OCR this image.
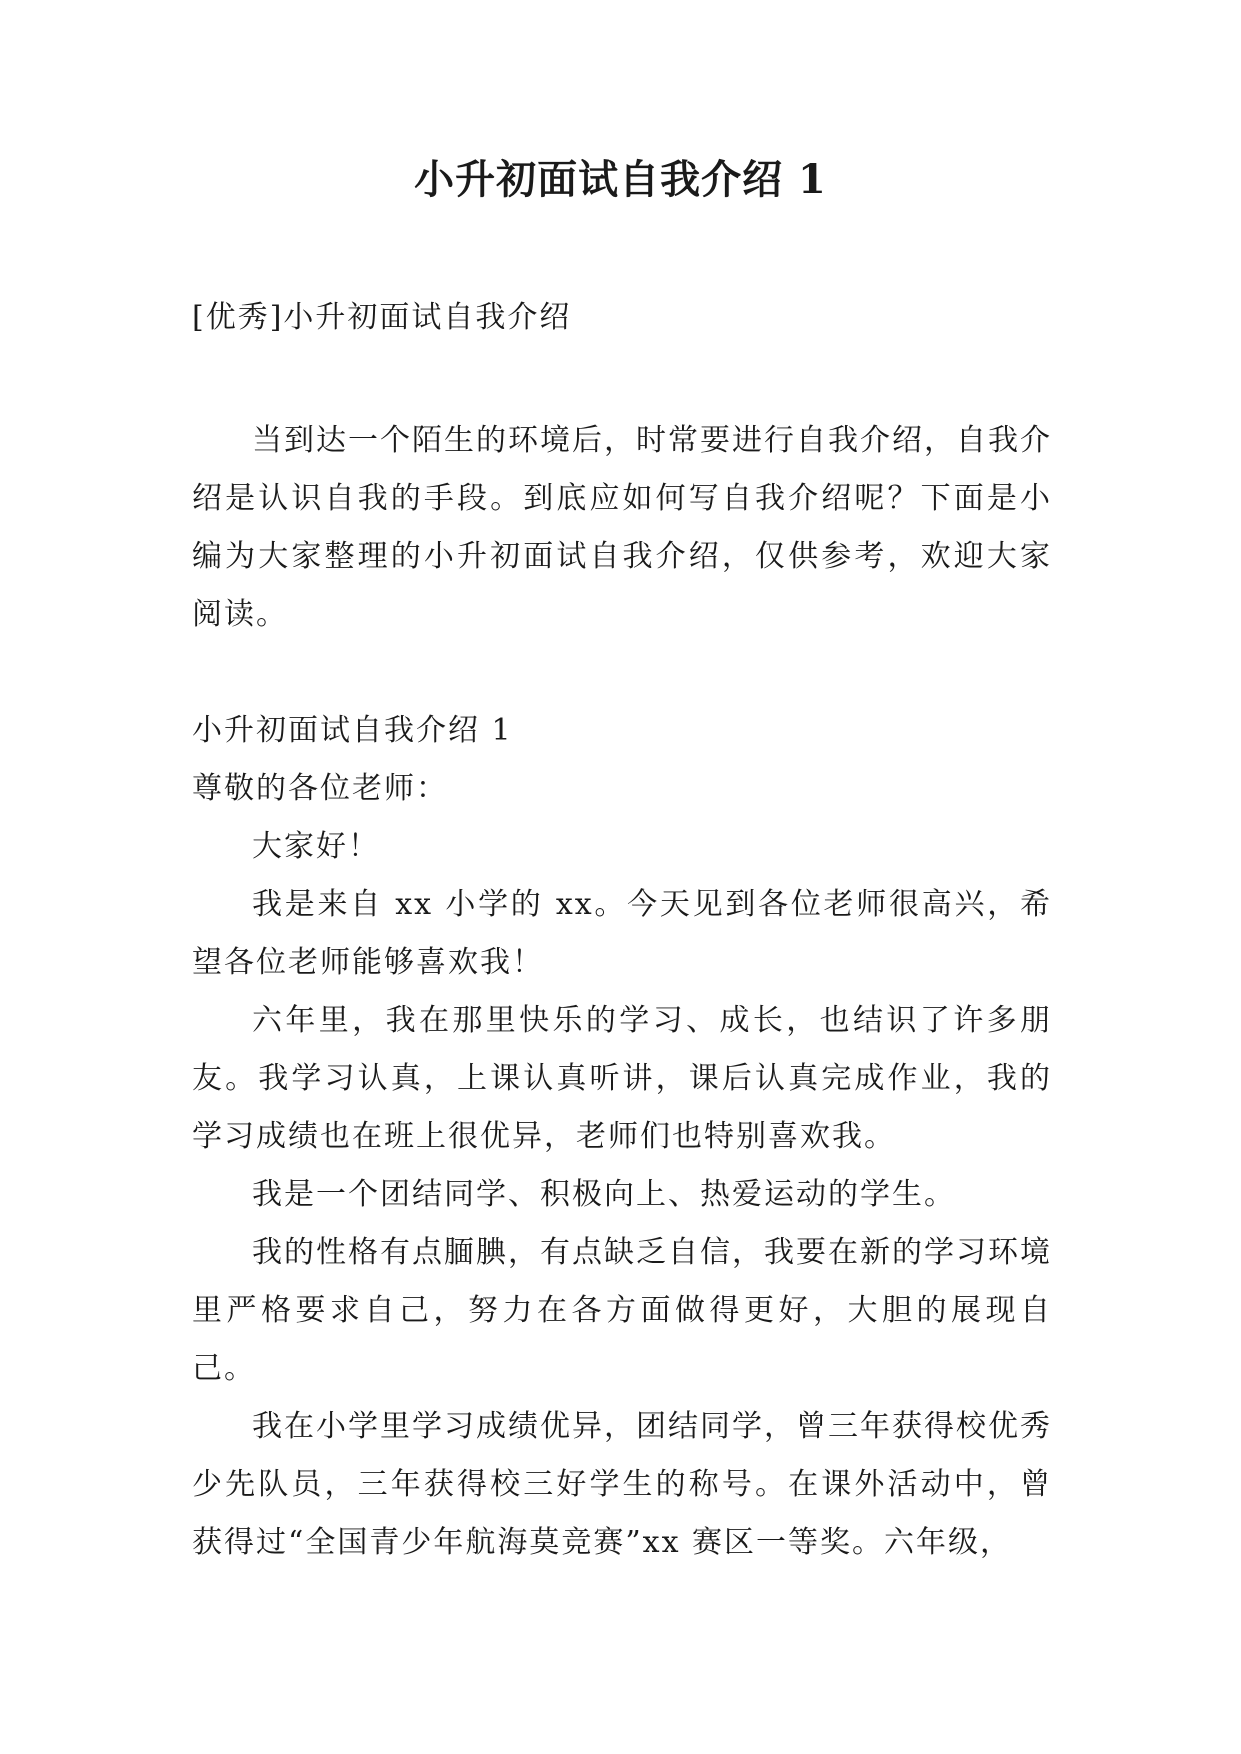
小升初面试自我介绍 1
[优秀]小升初面试自我介绍

当到达一个陌生的环境后，时常要进行自我介绍，自我介绍是认识自我的手段。到底应如何写自我介绍呢？下面是小编为大家整理的小升初面试自我介绍，仅供参考，欢迎大家阅读。

小升初面试自我介绍 1

尊敬的各位老师：

大家好！

我是来自 xx 小学的 xx。今天见到各位老师很高兴，希望各位老师能够喜欢我！

六年里，我在那里快乐的学习、成长，也结识了许多朋友。我学习认真，上课认真听讲，课后认真完成作业，我的学习成绩也在班上很优异，老师们也特别喜欢我。

我是一个团结同学、积极向上、热爱运动的学生。

我的性格有点腼腆，有点缺乏自信，我要在新的学习环境里严格要求自己，努力在各方面做得更好，大胆的展现自己。

我在小学里学习成绩优异，团结同学，曾三年获得校优秀少先队员，三年获得校三好学生的称号。在课外活动中，曾获得过“全国青少年航海莫竞赛”xx 赛区一等奖。六年级，
